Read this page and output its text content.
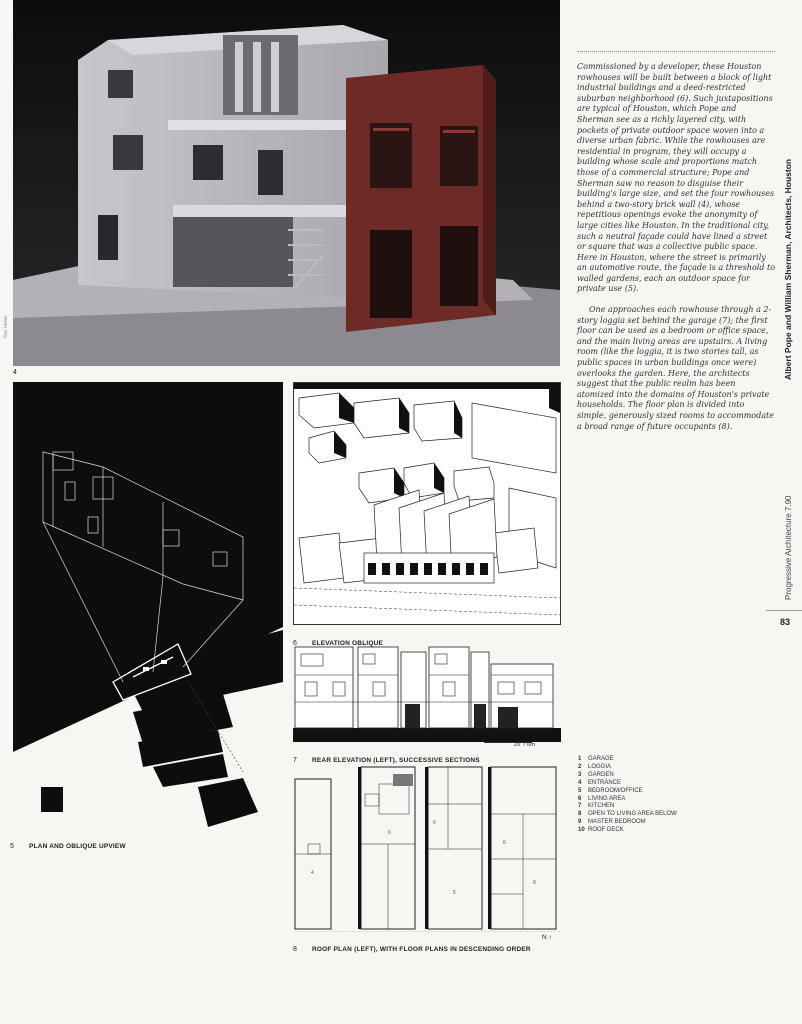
Paul Hester
4

Commissioned by a developer, these Houston rowhouses will be built between a block of light industrial buildings and a deed-restricted suburban neighborhood (6). Such juxtapositions are typical of Houston, which Pope and Sherman see as a richly layered city, with pockets of private outdoor space woven into a diverse urban fabric. While the rowhouses are residential in program, they will occupy a building whose scale and proportions match those of a commercial structure; Pope and Sherman saw no reason to disguise their building's large size, and set the four rowhouses behind a two-story brick wall (4), whose repetitious openings evoke the anonymity of large cities like Houston. In the traditional city, such a neutral façade could have lined a street or square that was a collective public space. Here in Houston, where the street is primarily an automotive route, the façade is a threshold to walled gardens, each an outdoor space for private use (5).

One approaches each rowhouse through a 2-story loggia set behind the garage (7); the first floor can be used as a bedroom or office space, and the main living areas are upstairs. A living room (like the loggia, it is two stories tall, as public spaces in urban buildings once were) overlooks the garden. Here, the architects suggest that the public realm has been atomized into the domains of Houston's private households. The floor plan is divided into simple, generously sized rooms to accommodate a broad range of future occupants (8).

Albert Pope and William Sherman, Architects, Houston
Progressive Architecture 7.90
83
5 PLAN AND OBLIQUE UPVIEW
6 ELEVATION OBLIQUE
7 REAR ELEVATION (LEFT), SUCCESSIVE SECTIONS
20' / 6m
4
6
6
6
5
8
8 ROOF PLAN (LEFT), WITH FLOOR PLANS IN DESCENDING ORDER
N ↑
1 GARAGE
2 LOGGIA
3 GARDEN
4 ENTRANCE
5 BEDROOM/OFFICE
6 LIVING AREA
7 KITCHEN
8 OPEN TO LIVING AREA BELOW
9 MASTER BEDROOM
10 ROOF DECK
